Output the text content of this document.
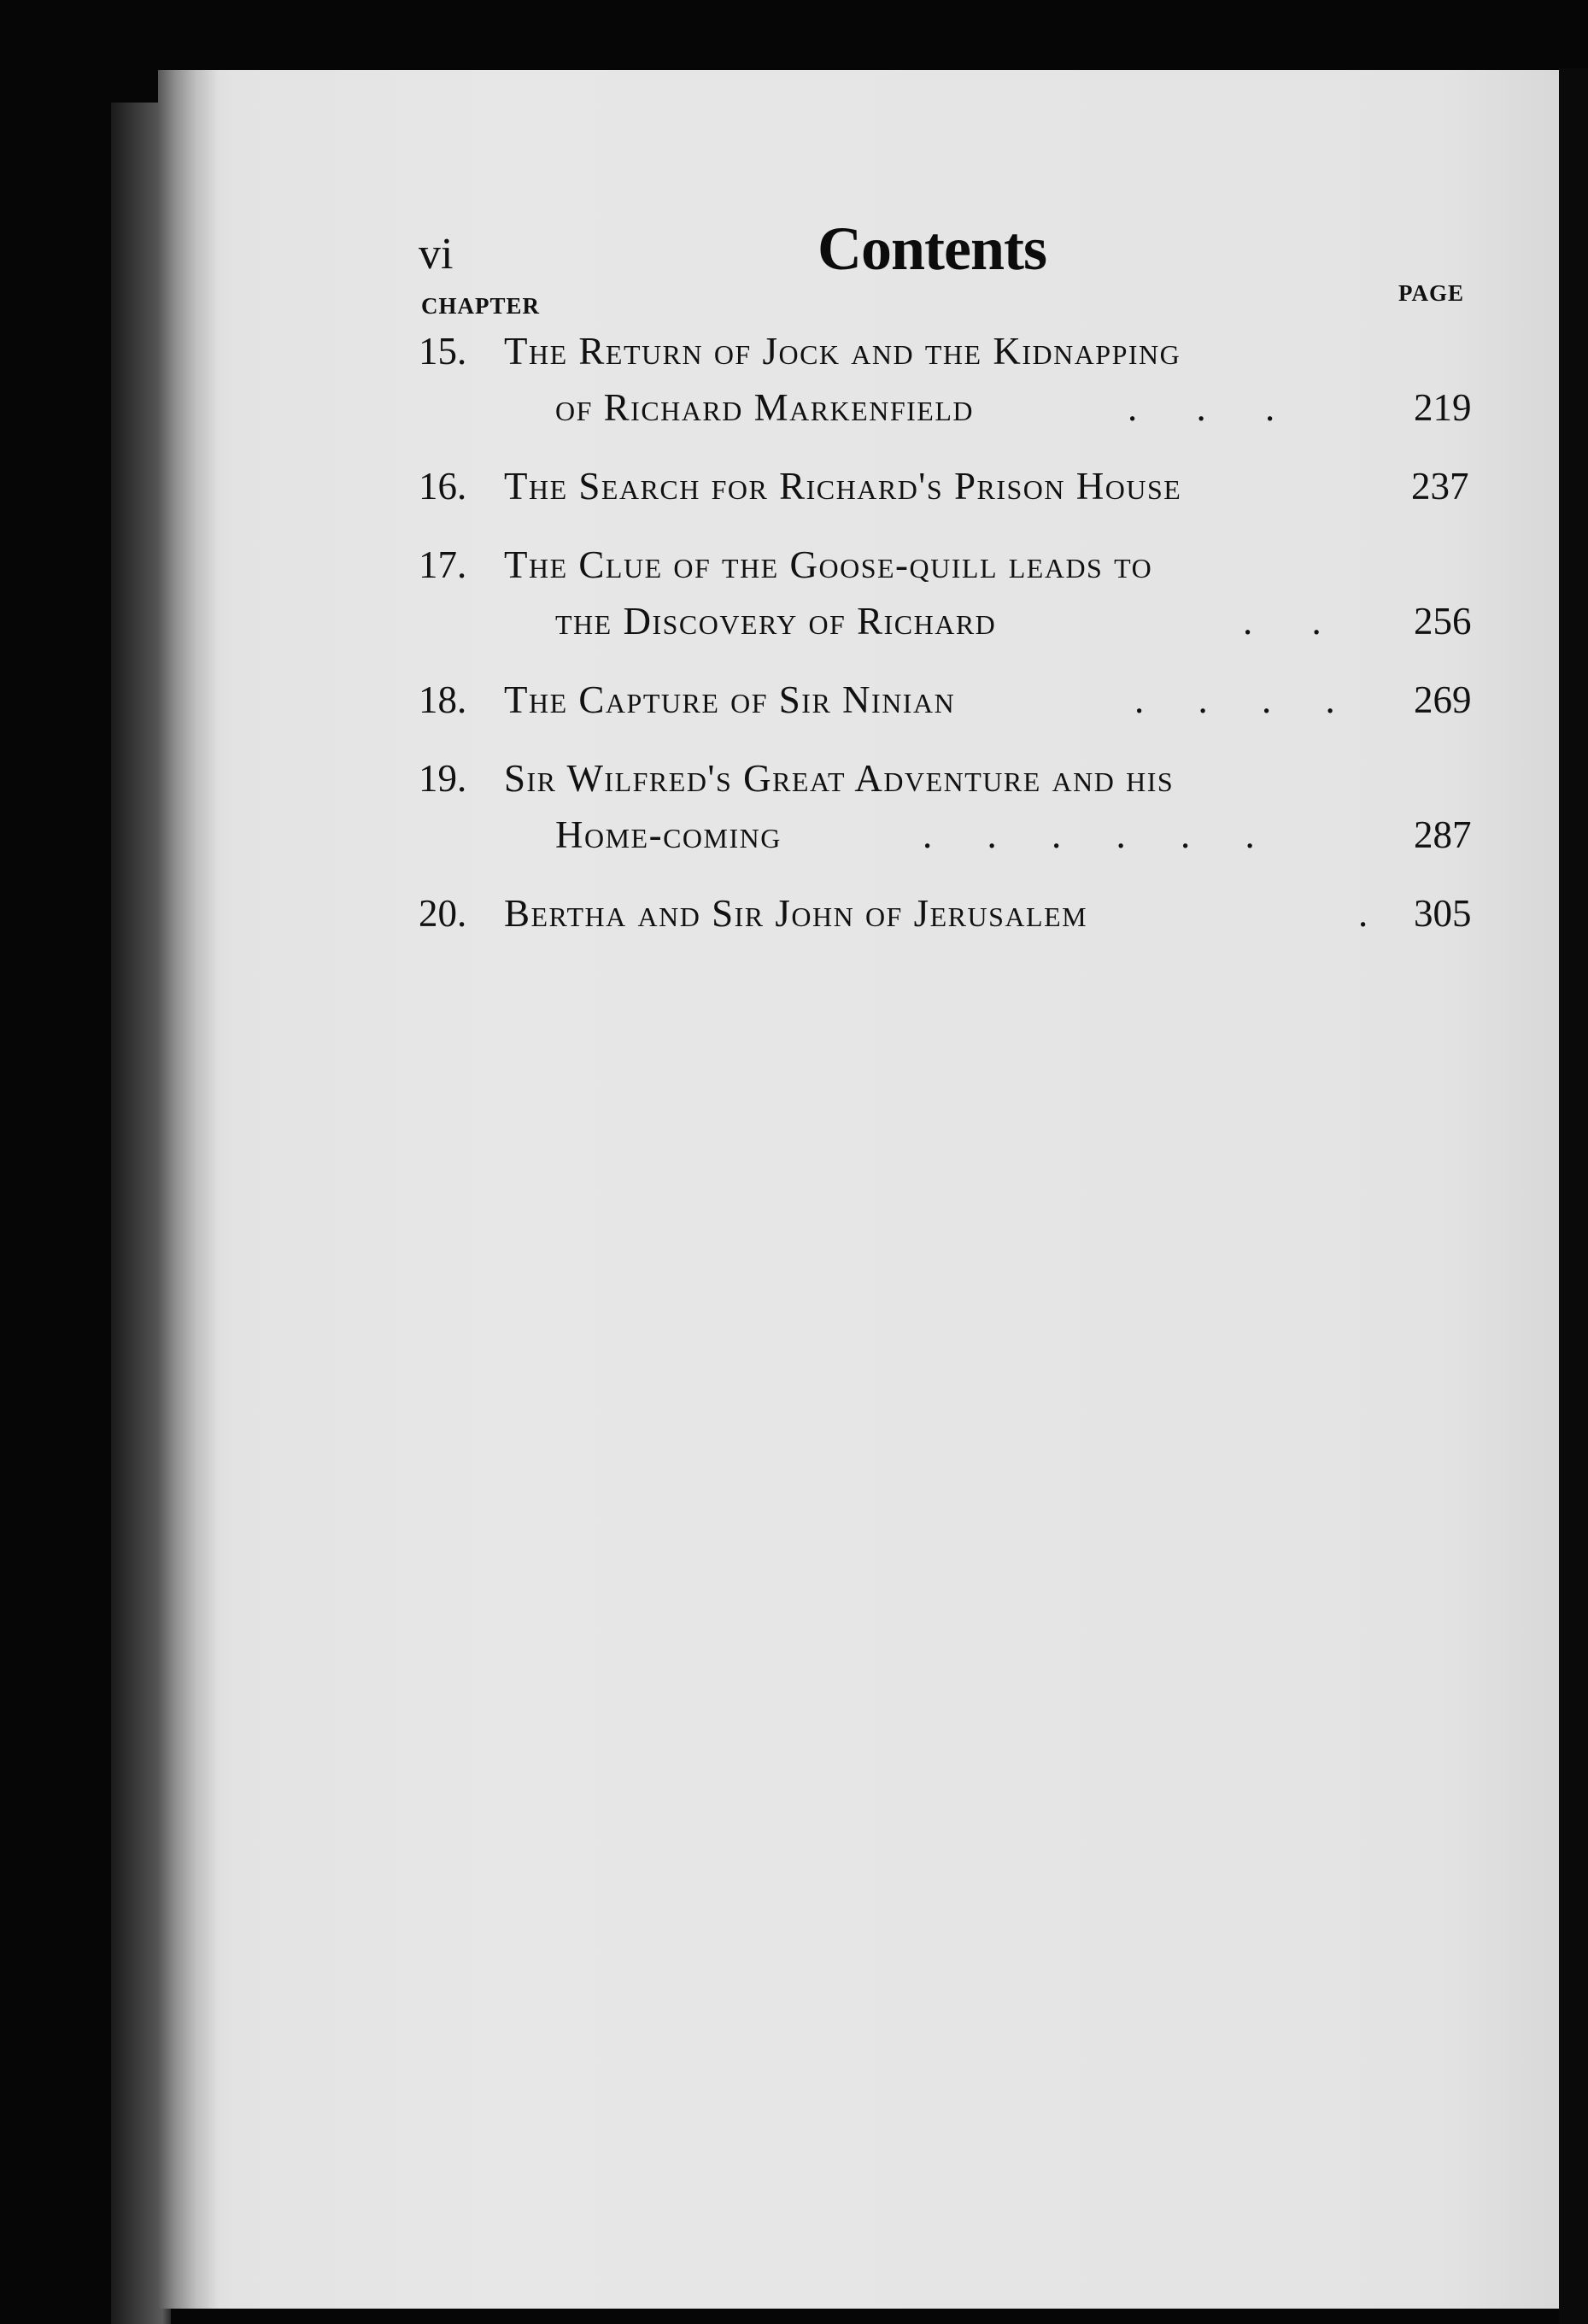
vi	Contents
CHAPTER	PAGE
15. The Return of Jock and the Kidnapping
of Richard Markenfield	. . .	219
16. The Search for Richard's Prison House	237
17. The Clue of the Goose-quill leads to
the Discovery of Richard	. . 256
18. The Capture of Sir Ninian	. . . . 269
19. Sir Wilfred's Great Adventure and his
Home-coming	. . . . . .	287
20. Bertha and Sir John of Jerusalem	. 305
